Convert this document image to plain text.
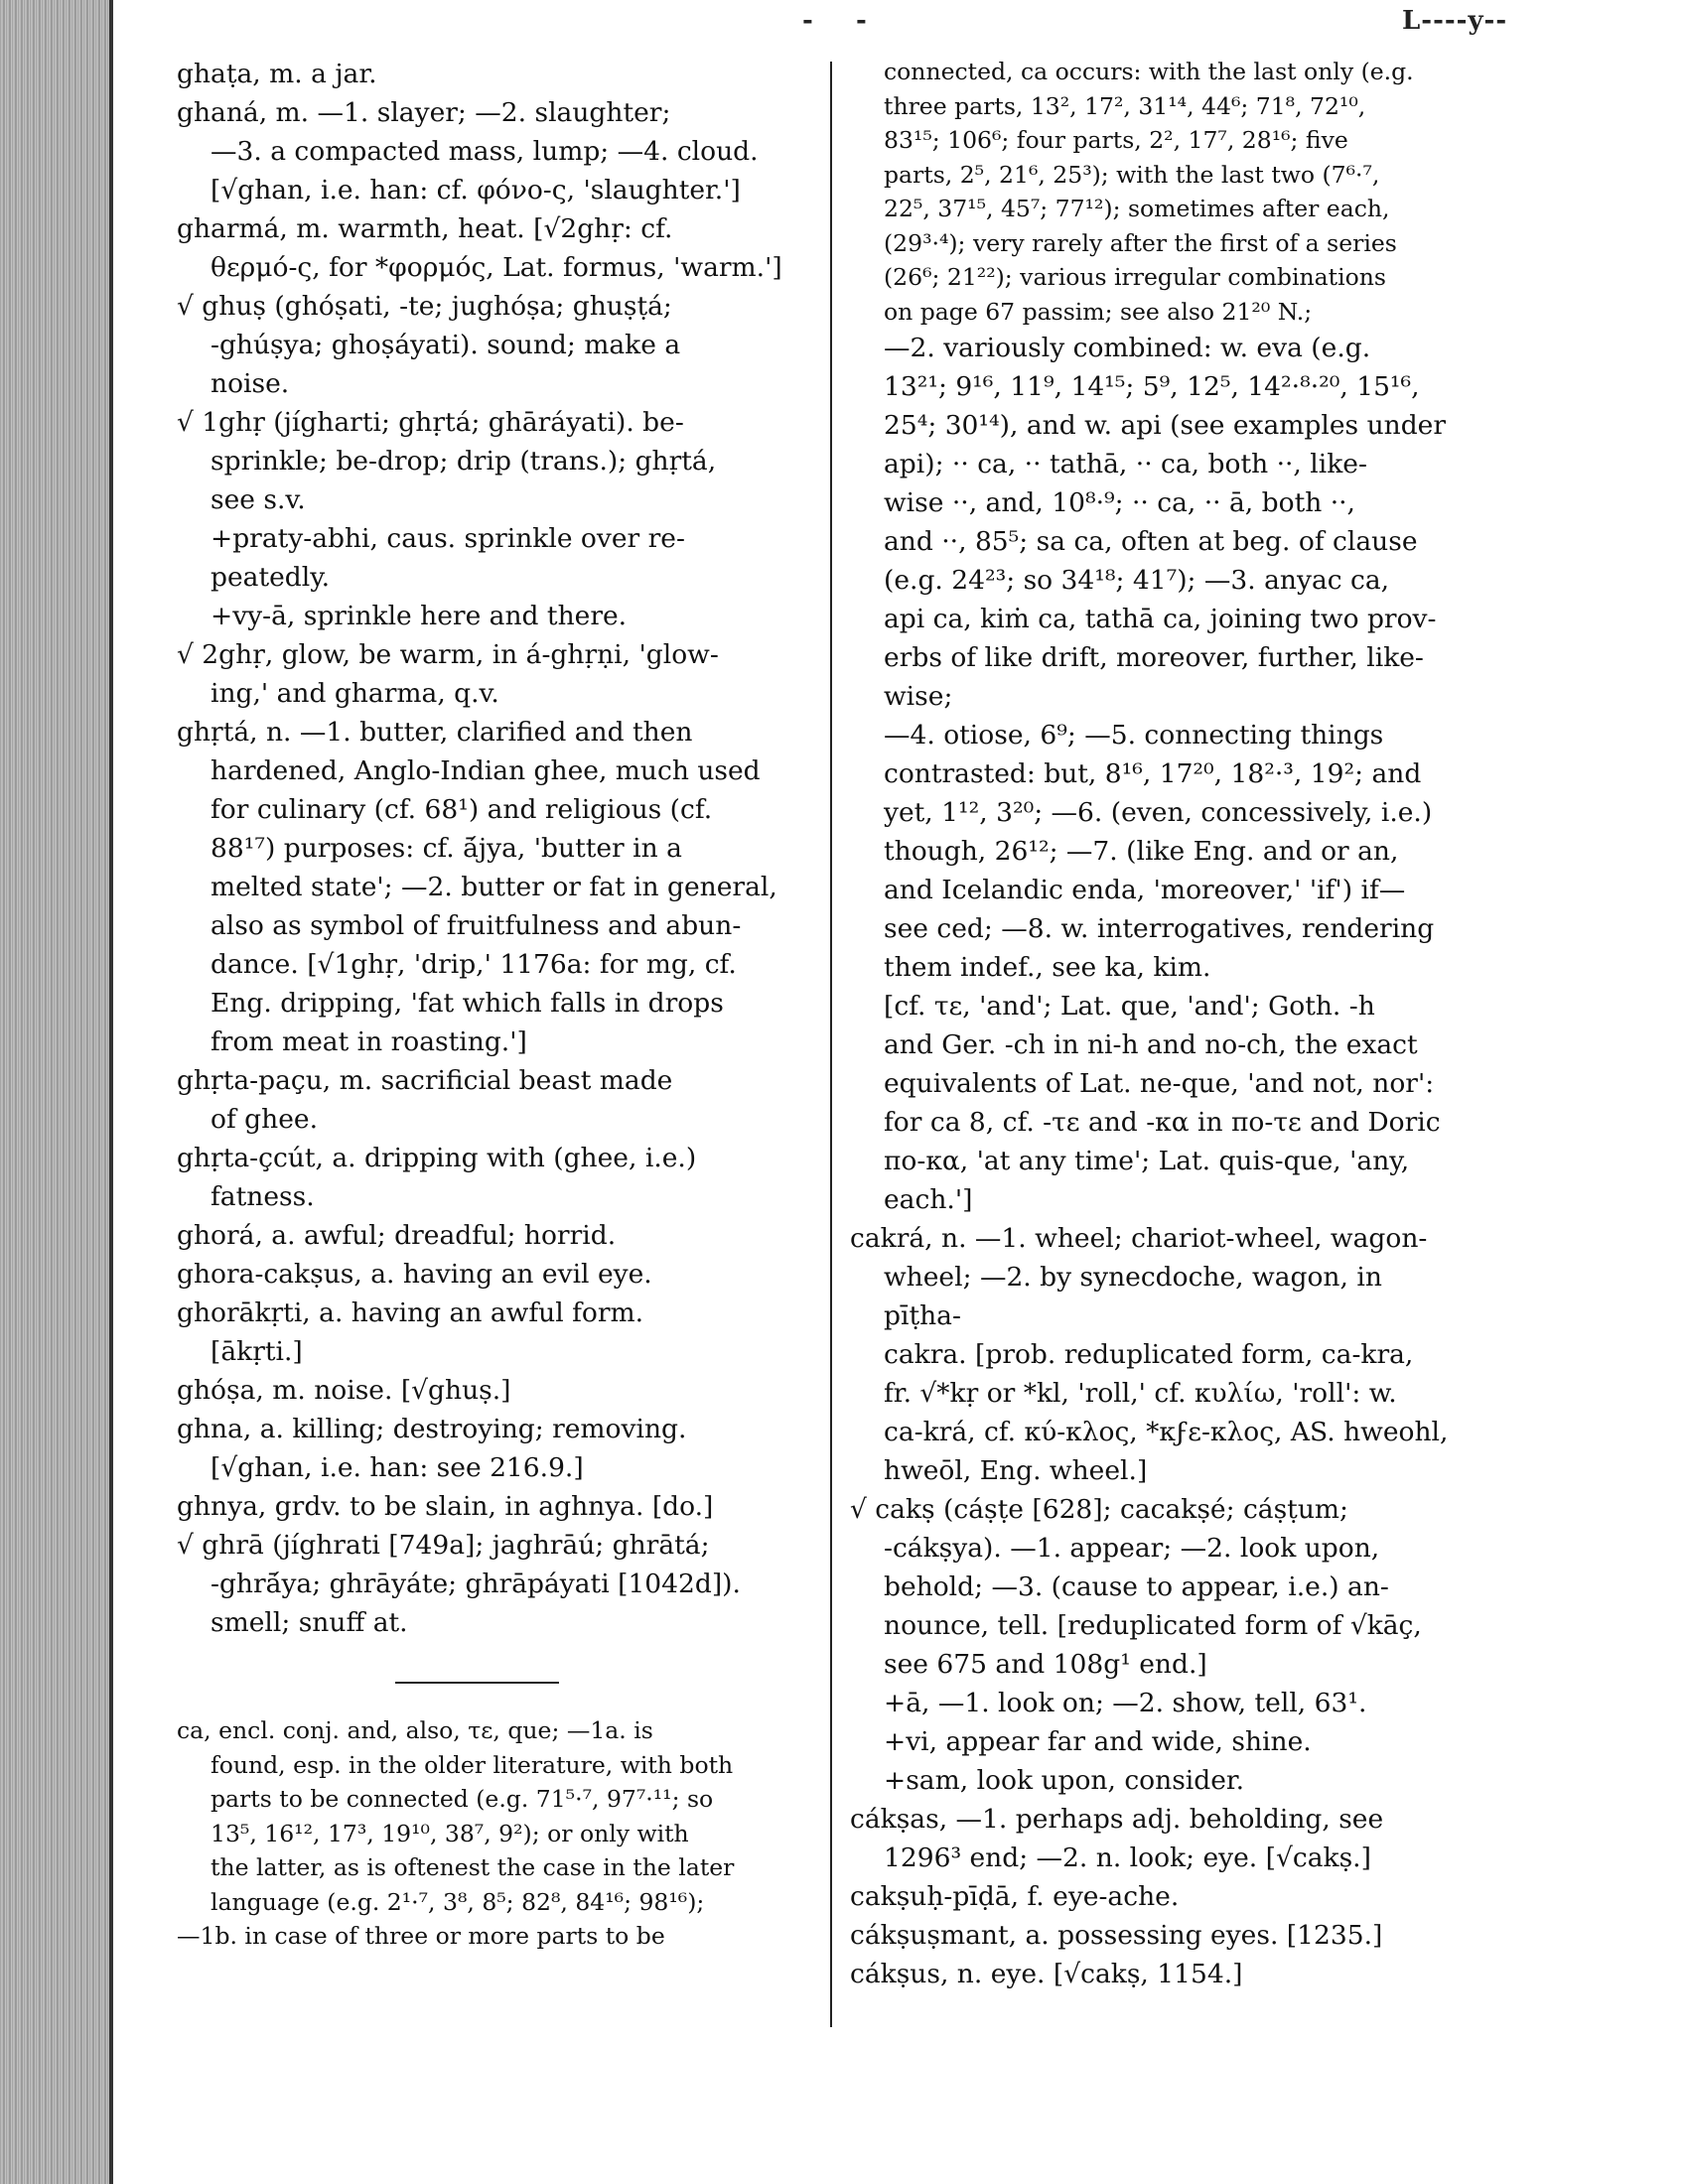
- -	L----y--

ghaṭa, m. a jar.

ghaná, m. —1. slayer; —2. slaughter;

—3. a compacted mass, lump; —4. cloud.

[√ghan, i.e. han: cf. φόνο-ς, 'slaughter.']

gharmá, m. warmth, heat. [√2ghṛ: cf.

θερμό-ς, for *φορμός, Lat. formus, 'warm.']

√ ghuṣ (ghóṣati, -te; jughóṣa; ghuṣṭá;

-ghúṣya; ghoṣáyati). sound; make a

noise.

√ 1ghṛ (jígharti; ghṛtá; ghāráyati). be-

sprinkle; be-drop; drip (trans.); ghṛtá,

see s.v.

+praty-abhi, caus. sprinkle over re-

peatedly.

+vy-ā, sprinkle here and there.

√ 2ghṛ, glow, be warm, in á-ghṛṇi, 'glow-

ing,' and gharma, q.v.

ghṛtá, n. —1. butter, clarified and then

hardened, Anglo-Indian ghee, much used

for culinary (cf. 68¹) and religious (cf.

88¹⁷) purposes: cf. ā́jya, 'butter in a

melted state'; —2. butter or fat in general,

also as symbol of fruitfulness and abun-

dance. [√1ghṛ, 'drip,' 1176a: for mg, cf.

Eng. dripping, 'fat which falls in drops

from meat in roasting.']

ghṛta-paçu, m. sacrificial beast made

of ghee.

ghṛta-çcút, a. dripping with (ghee, i.e.)

fatness.

ghorá, a. awful; dreadful; horrid.

ghora-cakṣus, a. having an evil eye.

ghorākṛti, a. having an awful form.

[ākṛti.]

ghóṣa, m. noise. [√ghuṣ.]

ghna, a. killing; destroying; removing.

[√ghan, i.e. han: see 216.9.]

ghnya, grdv. to be slain, in aghnya. [do.]

√ ghrā (jíghrati [749a]; jaghrāú; ghrātá;

-ghrā́ya; ghrāyáte; ghrāpáyati [1042d]).

smell; snuff at.

ca, encl. conj. and, also, τε, que; —1a. is

found, esp. in the older literature, with both

parts to be connected (e.g. 71⁵·⁷, 97⁷·¹¹; so

13⁵, 16¹², 17³, 19¹⁰, 38⁷, 9²); or only with

the latter, as is oftenest the case in the later

language (e.g. 2¹·⁷, 3⁸, 8⁵; 82⁸, 84¹⁶; 98¹⁶);

—1b. in case of three or more parts to be

connected, ca occurs: with the last only (e.g.

three parts, 13², 17², 31¹⁴, 44⁶; 71⁸, 72¹⁰,

83¹⁵; 106⁶; four parts, 2², 17⁷, 28¹⁶; five

parts, 2⁵, 21⁶, 25³); with the last two (7⁶·⁷,

22⁵, 37¹⁵, 45⁷; 77¹²); sometimes after each,

(29³·⁴); very rarely after the first of a series

(26⁶; 21²²); various irregular combinations

on page 67 passim; see also 21²⁰ N.;

—2. variously combined: w. eva (e.g.

13²¹; 9¹⁶, 11⁹, 14¹⁵; 5⁹, 12⁵, 14²·⁸·²⁰, 15¹⁶,

25⁴; 30¹⁴), and w. api (see examples under

api); ·· ca, ·· tathā, ·· ca, both ··, like-

wise ··, and, 10⁸·⁹; ·· ca, ·· ā, both ··,

and ··, 85⁵; sa ca, often at beg. of clause

(e.g. 24²³; so 34¹⁸; 41⁷); —3. anyac ca,

api ca, kiṁ ca, tathā ca, joining two prov-

erbs of like drift, moreover, further, like-

wise;

—4. otiose, 6⁹; —5. connecting things

contrasted: but, 8¹⁶, 17²⁰, 18²·³, 19²; and

yet, 1¹², 3²⁰; —6. (even, concessively, i.e.)

though, 26¹²; —7. (like Eng. and or an,

and Icelandic enda, 'moreover,' 'if') if—

see ced; —8. w. interrogatives, rendering

them indef., see ka, kim.

[cf. τε, 'and'; Lat. que, 'and'; Goth. -h

and Ger. -ch in ni-h and no-ch, the exact

equivalents of Lat. ne-que, 'and not, nor':

for ca 8, cf. -τε and -κα in πο-τε and Doric

πο-κα, 'at any time'; Lat. quis-que, 'any,

each.']

cakrá, n. —1. wheel; chariot-wheel, wagon-

wheel; —2. by synecdoche, wagon, in pīṭha-

cakra. [prob. reduplicated form, ca-kra,

fr. √*kṛ or *kl, 'roll,' cf. κυλίω, 'roll': w.

ca-krá, cf. κύ-κλος, *κϝε-κλος, AS. hweohl,

hweōl, Eng. wheel.]

√ cakṣ (cáṣṭe [628]; cacakṣé; cáṣṭum;

-cákṣya). —1. appear; —2. look upon,

behold; —3. (cause to appear, i.e.) an-

nounce, tell. [reduplicated form of √kāç,

see 675 and 108g¹ end.]

+ā, —1. look on; —2. show, tell, 63¹.

+vi, appear far and wide, shine.

+sam, look upon, consider.

cákṣas, —1. perhaps adj. beholding, see

1296³ end; —2. n. look; eye. [√cakṣ.]

cakṣuḥ-pīḍā, f. eye-ache.

cákṣuṣmant, a. possessing eyes. [1235.]

cákṣus, n. eye. [√cakṣ, 1154.]
